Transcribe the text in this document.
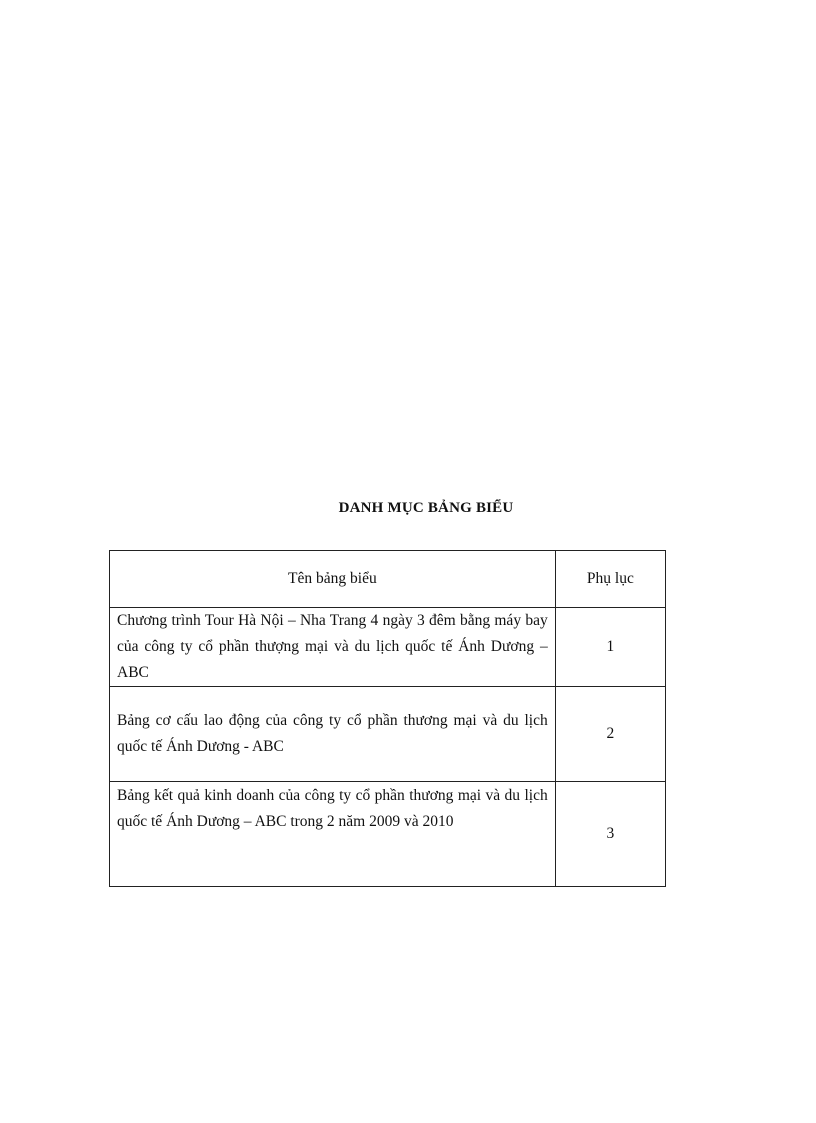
DANH MỤC BẢNG BIỂU
Tên bảng biểu	Phụ lục
Chương trình Tour Hà Nội – Nha Trang 4 ngày 3 đêm bằng máy bay của công ty cổ phần thượng mại và du lịch quốc tế Ánh Dương – ABC	1
Bảng cơ cấu lao động của công ty cổ phần thương mại và du lịch quốc tế Ánh Dương - ABC	2
Bảng kết quả kinh doanh của công ty cổ phần thương mại và du lịch quốc tế Ánh Dương – ABC trong 2 năm 2009 và 2010	3
